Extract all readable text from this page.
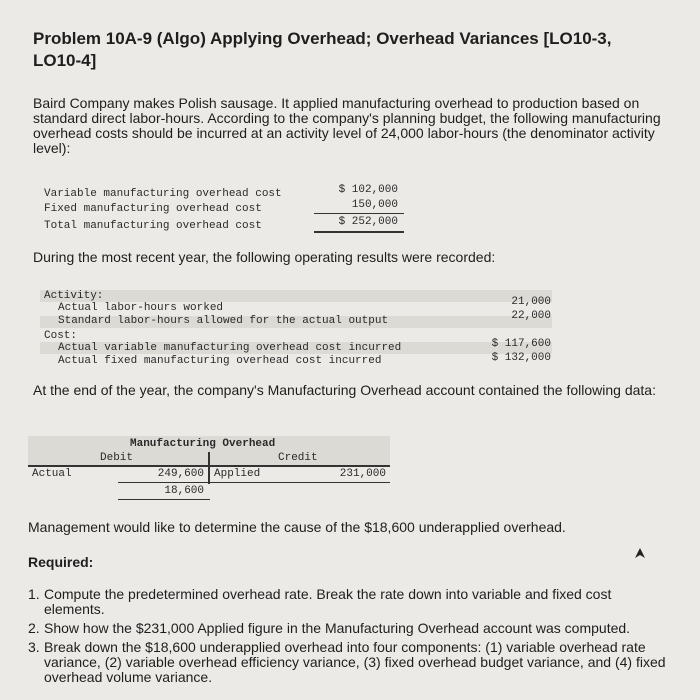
Problem 10A-9 (Algo) Applying Overhead; Overhead Variances [LO10-3, LO10-4]
Baird Company makes Polish sausage. It applied manufacturing overhead to production based on standard direct labor-hours. According to the company's planning budget, the following manufacturing overhead costs should be incurred at an activity level of 24,000 labor-hours (the denominator activity level):
Variable manufacturing overhead cost	$ 102,000
Fixed manufacturing overhead cost	150,000
Total manufacturing overhead cost	$ 252,000
During the most recent year, the following operating results were recorded:
Activity:
Actual labor-hours worked	21,000
Standard labor-hours allowed for the actual output	22,000
Cost:
Actual variable manufacturing overhead cost incurred	$ 117,600
Actual fixed manufacturing overhead cost incurred	$ 132,000
At the end of the year, the company's Manufacturing Overhead account contained the following data:
Manufacturing Overhead
Debit	Credit
Actual	249,600 Applied	231,000
18,600
Management would like to determine the cause of the $18,600 underapplied overhead.
Required:
1. Compute the predetermined overhead rate. Break the rate down into variable and fixed cost elements.
2. Show how the $231,000 Applied figure in the Manufacturing Overhead account was computed.
3. Break down the $18,600 underapplied overhead into four components: (1) variable overhead rate variance, (2) variable overhead efficiency variance, (3) fixed overhead budget variance, and (4) fixed overhead volume variance.
